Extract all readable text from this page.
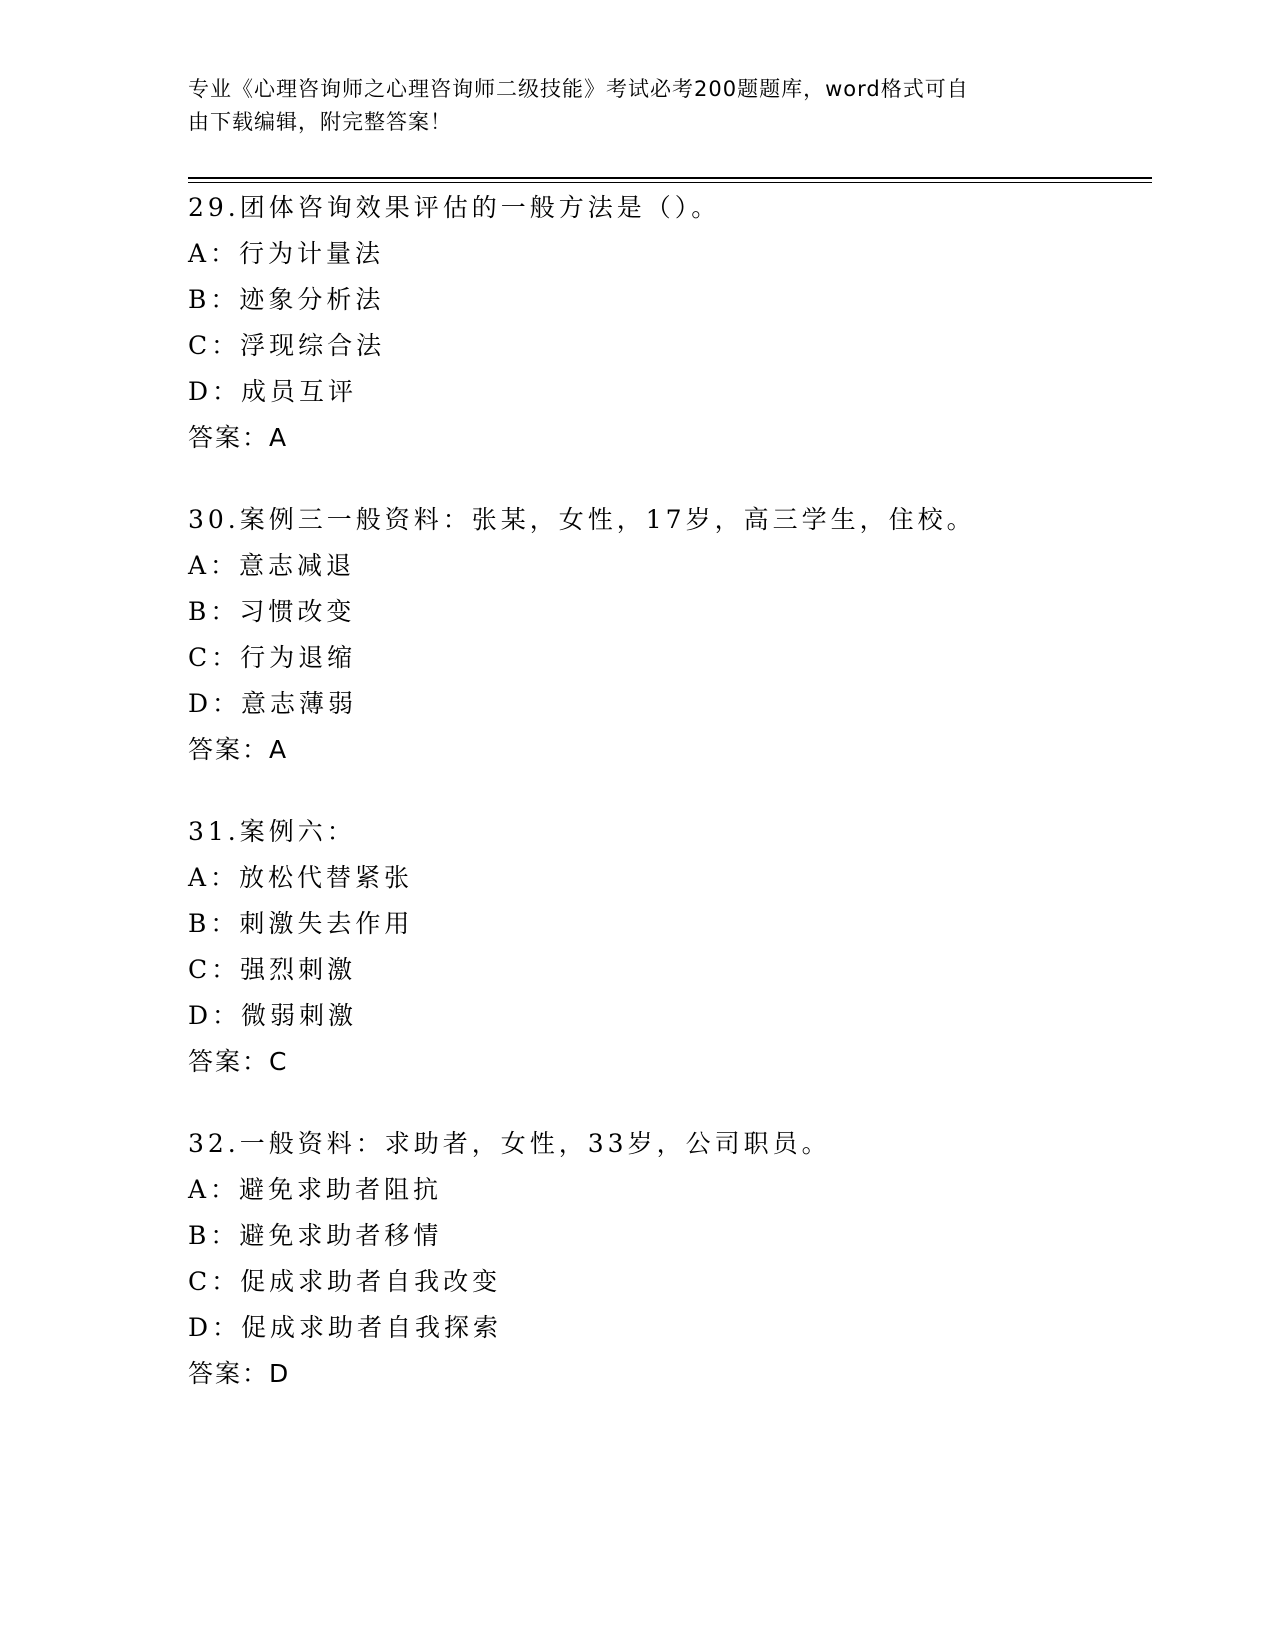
专业《心理咨询师之心理咨询师二级技能》考试必考200题题库，word格式可自
由下载编辑，附完整答案！
29.团体咨询效果评估的一般方法是（）。
A：行为计量法
B：迹象分析法
C：浮现综合法
D：成员互评
答案：A
30.案例三一般资料：张某，女性，17岁，高三学生，住校。
A：意志减退
B：习惯改变
C：行为退缩
D：意志薄弱
答案：A
31.案例六：
A：放松代替紧张
B：刺激失去作用
C：强烈刺激
D：微弱刺激
答案：C
32.一般资料：求助者，女性，33岁，公司职员。
A：避免求助者阻抗
B：避免求助者移情
C：促成求助者自我改变
D：促成求助者自我探索
答案：D
